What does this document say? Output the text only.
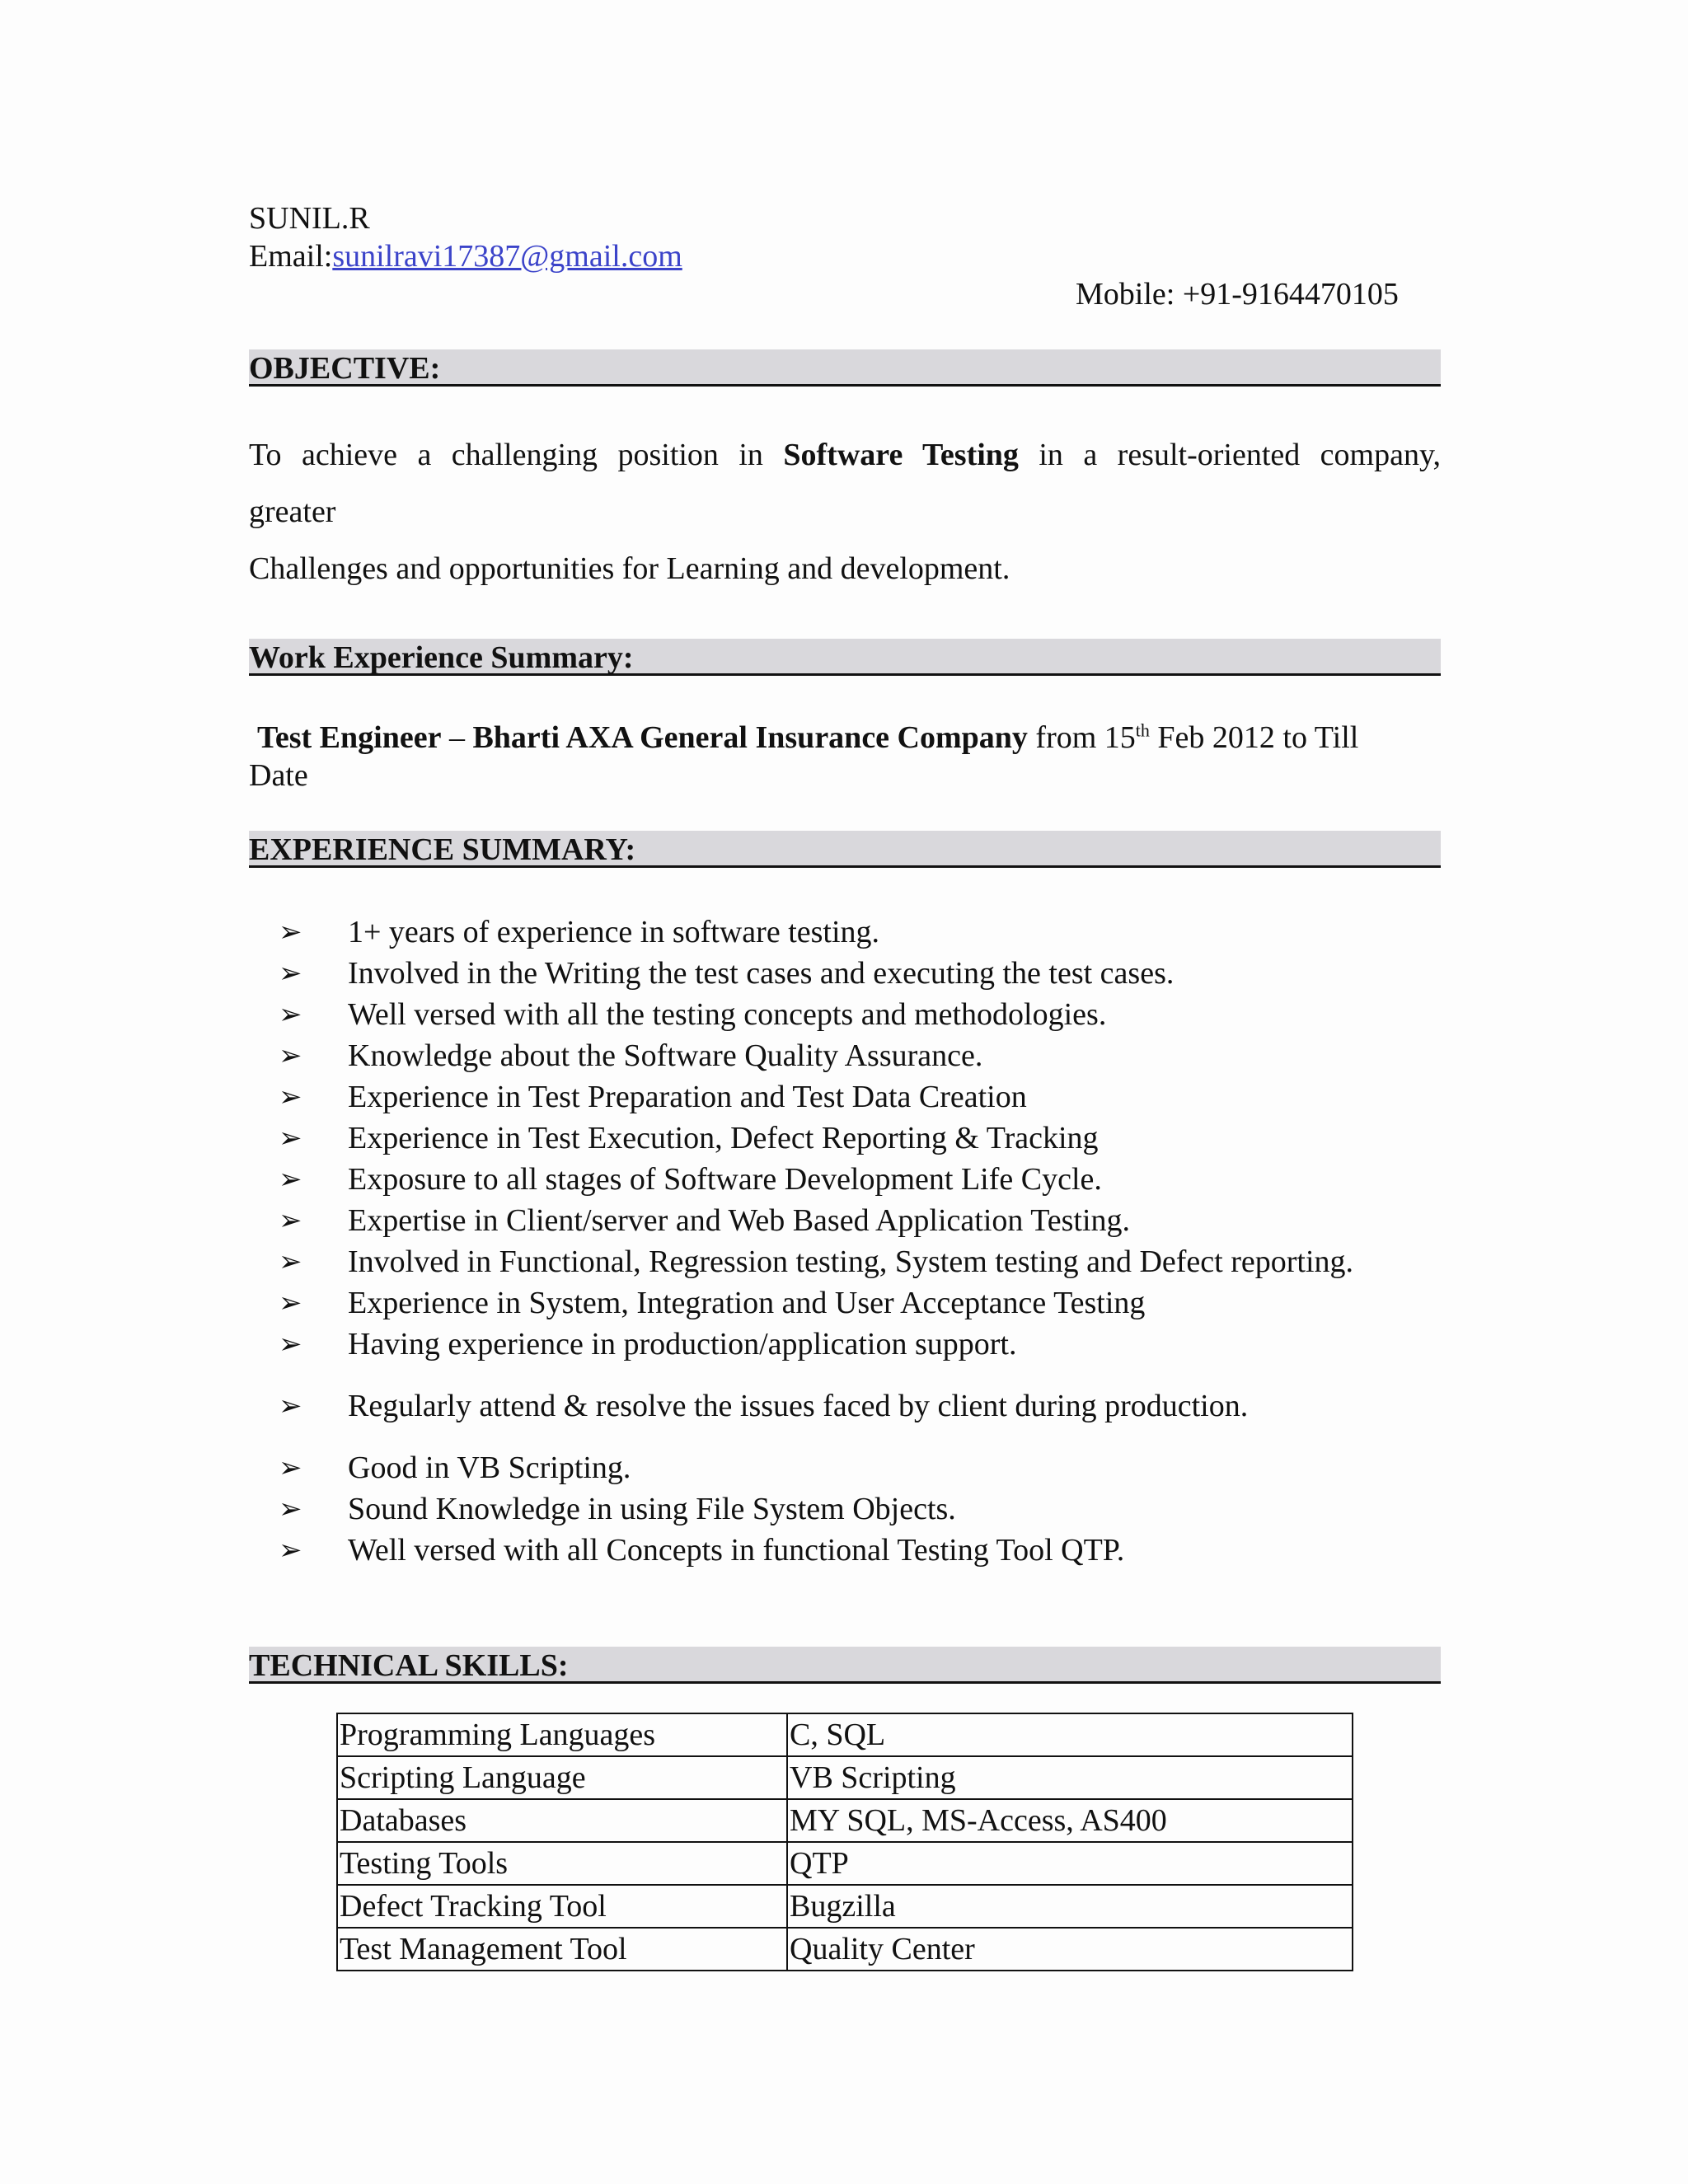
SUNIL.R
Email:sunilravi17387@gmail.com
Mobile: +91-9164470105
OBJECTIVE:
To achieve a challenging position in Software Testing in a result-oriented company,
greater
Challenges and opportunities for Learning and development.
Work Experience Summary:
Test Engineer – Bharti AXA General Insurance Company from 15th Feb 2012 to Till
Date
EXPERIENCE SUMMARY:
➢ 1+ years of experience in software testing.
➢ Involved in the Writing the test cases and executing the test cases.
➢ Well versed with all the testing concepts and methodologies.
➢ Knowledge about the Software Quality Assurance.
➢ Experience in Test Preparation and Test Data Creation
➢ Experience in Test Execution, Defect Reporting & Tracking
➢ Exposure to all stages of Software Development Life Cycle.
➢ Expertise in Client/server and Web Based Application Testing.
➢ Involved in Functional, Regression testing, System testing and Defect reporting.
➢ Experience in System, Integration and User Acceptance Testing
➢ Having experience in production/application support.
➢ Regularly attend & resolve the issues faced by client during production.
➢ Good in VB Scripting.
➢ Sound Knowledge in using File System Objects.
➢ Well versed with all Concepts in functional Testing Tool QTP.
TECHNICAL SKILLS:
Programming Languages	C, SQL
Scripting Language	VB Scripting
Databases	MY SQL, MS-Access, AS400
Testing Tools	QTP
Defect Tracking Tool	Bugzilla
Test Management Tool	Quality Center
